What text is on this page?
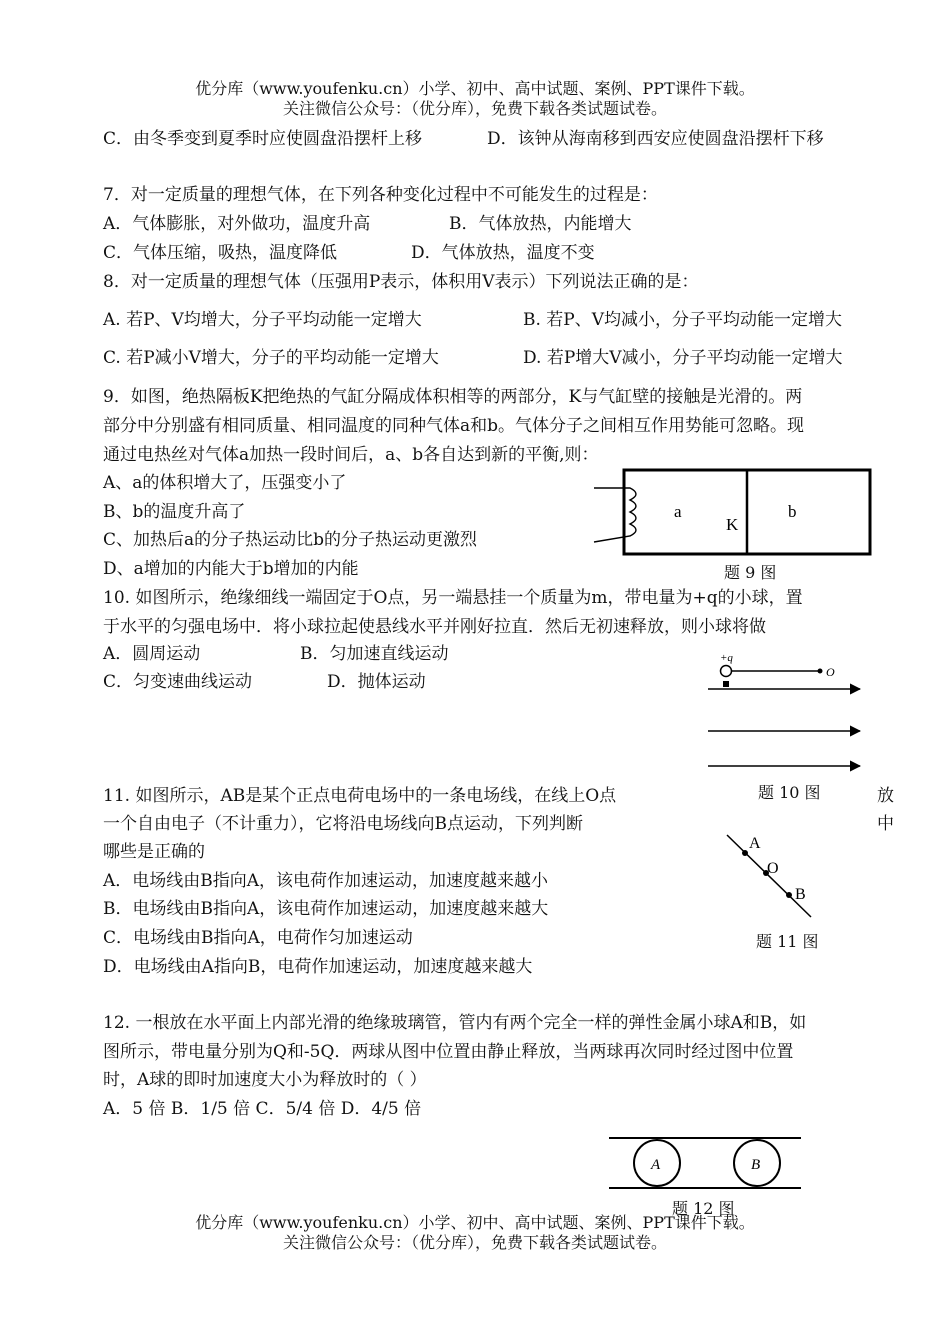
优分库（www.youfenku.cn）小学、初中、高中试题、案例、PPT课件下载。
关注微信公众号：（优分库），免费下载各类试题试卷。
C．由冬季变到夏季时应使圆盘沿摆杆上移	D．该钟从海南移到西安应使圆盘沿摆杆下移
7．对一定质量的理想气体，在下列各种变化过程中不可能发生的过程是：
A．气体膨胀，对外做功，温度升高	B．气体放热，内能增大
C．气体压缩，吸热，温度降低	D．气体放热，温度不变
8．对一定质量的理想气体（压强用P表示，体积用V表示）下列说法正确的是：
A. 若P、V均增大，分子平均动能一定增大	B. 若P、V均减小，分子平均动能一定增大
C. 若P减小V增大，分子的平均动能一定增大	D. 若P增大V减小，分子平均动能一定增大
9．如图，绝热隔板K把绝热的气缸分隔成体积相等的两部分，K与气缸壁的接触是光滑的。两
部分中分别盛有相同质量、相同温度的同种气体a和b。气体分子之间相互作用势能可忽略。现
通过电热丝对气体a加热一段时间后，a、b各自达到新的平衡,则：
A、a的体积增大了，压强变小了
B、b的温度升高了
C、加热后a的分子热运动比b的分子热运动更激烈
D、a增加的内能大于b增加的内能
a
K
b
题 9 图
10. 如图所示，绝缘细线一端固定于O点，另一端悬挂一个质量为m，带电量为+q的小球，置
于水平的匀强电场中．将小球拉起使悬线水平并刚好拉直．然后无初速释放，则小球将做
A．圆周运动	B．匀加速直线运动
C．匀变速曲线运动	D．抛体运动
+q
O
题 10 图
11. 如图所示，AB是某个正点电荷电场中的一条电场线，在线上O点	放
一个自由电子（不计重力），它将沿电场线向B点运动，下列判断	中
哪些是正确的
A．电场线由B指向A，该电荷作加速运动，加速度越来越小
B．电场线由B指向A，该电荷作加速运动，加速度越来越大
C．电场线由B指向A，电荷作匀加速运动
D．电场线由A指向B，电荷作加速运动，加速度越来越大
A
O
B
题 11 图
12. 一根放在水平面上内部光滑的绝缘玻璃管，管内有两个完全一样的弹性金属小球A和B，如
图所示，带电量分别为Q和-5Q．两球从图中位置由静止释放，当两球再次同时经过图中位置
时，A球的即时加速度大小为释放时的（ ）
A．5 倍 B．1/5 倍 C．5/4 倍 D．4/5 倍
A	B
题 12 图
优分库（www.youfenku.cn）小学、初中、高中试题、案例、PPT课件下载。
关注微信公众号：（优分库），免费下载各类试题试卷。
